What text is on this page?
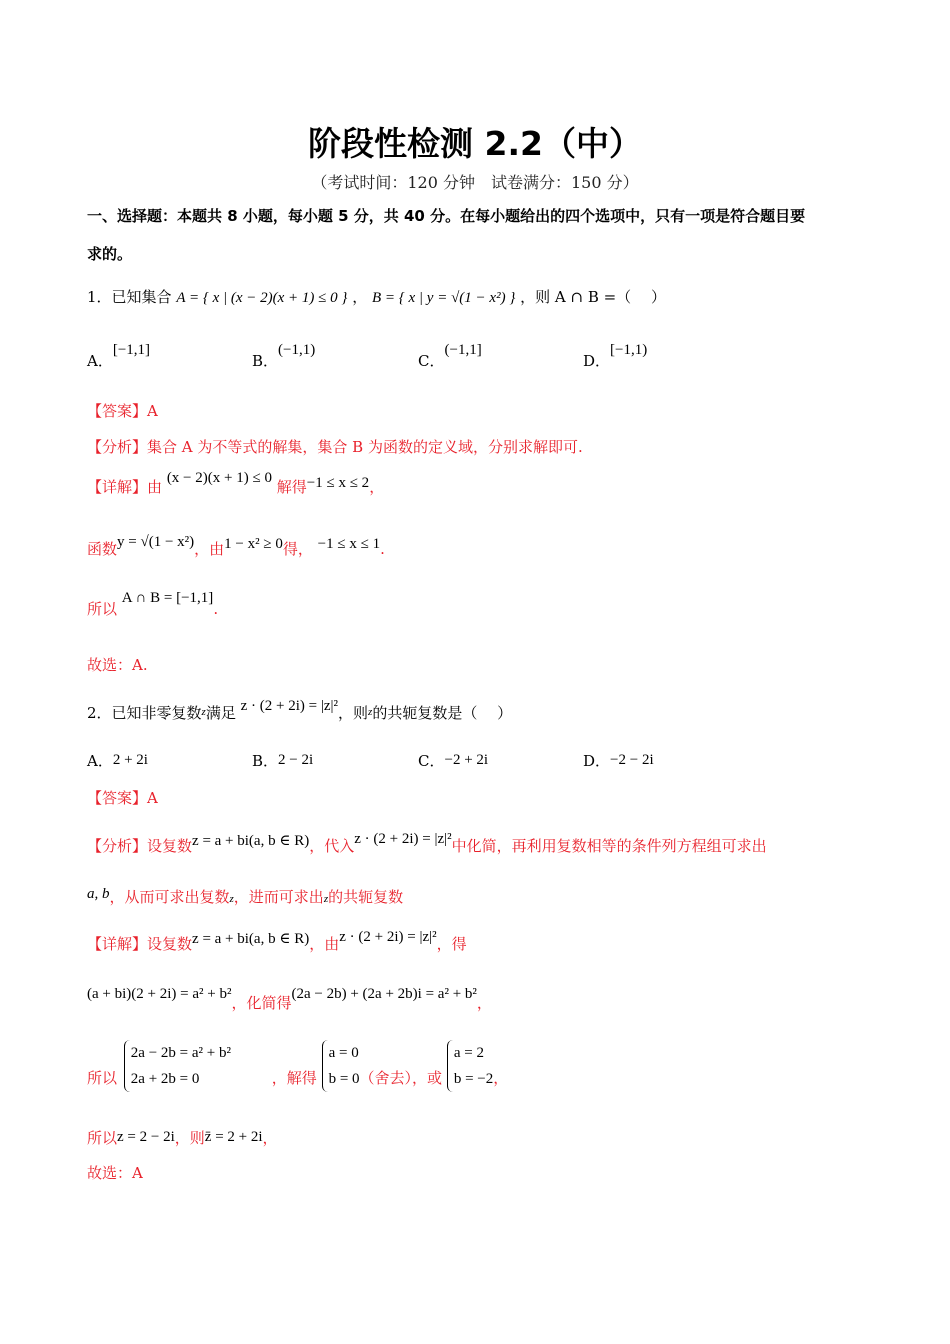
阶段性检测 2.2（中）
（考试时间：120 分钟　试卷满分：150 分）
一、选择题：本题共 8 小题，每小题 5 分，共 40 分。在每小题给出的四个选项中，只有一项是符合题目要
求的。
1．已知集合 A = { x | (x − 2)(x + 1) ≤ 0 } ， B = { x | y = √(1 − x²) } ，则 A ∩ B =（　 ）
A．[−1,1]
B．(−1,1)
C．(−1,1]
D．[−1,1)
【答案】A
【分析】集合 A 为不等式的解集，集合 B 为函数的定义域，分别求解即可.
【详解】由 (x − 2)(x + 1) ≤ 0 解得−1 ≤ x ≤ 2，
函数y = √(1 − x²)，由1 − x² ≥ 0得， −1 ≤ x ≤ 1.
所以 A ∩ B = [−1,1].
故选：A.
2．已知非零复数$^z$满足 z · (2 + 2i) = |z|²，则$^z$的共轭复数是（　 ）
A．2 + 2i	B．2 − 2i	C．−2 + 2i	D．−2 − 2i
【答案】A
【分析】设复数z = a + bi(a, b ∈ R)，代入z · (2 + 2i) = |z|²中化简，再利用复数相等的条件列方程组可求出
a, b，从而可求出复数z，进而可求出z的共轭复数
【详解】设复数z = a + bi(a, b ∈ R)，由z · (2 + 2i) = |z|²，得
(a + bi)(2 + 2i) = a² + b²，化简得(2a − 2b) + (2a + 2b)i = a² + b²，
所以
2a − 2b = a² + b²
2a + 2b = 0	，解得
a = 0
b = 0 （舍去），或
a = 2
b = −2 ，
所以z = 2 − 2i，则z̄ = 2 + 2i，
故选：A
